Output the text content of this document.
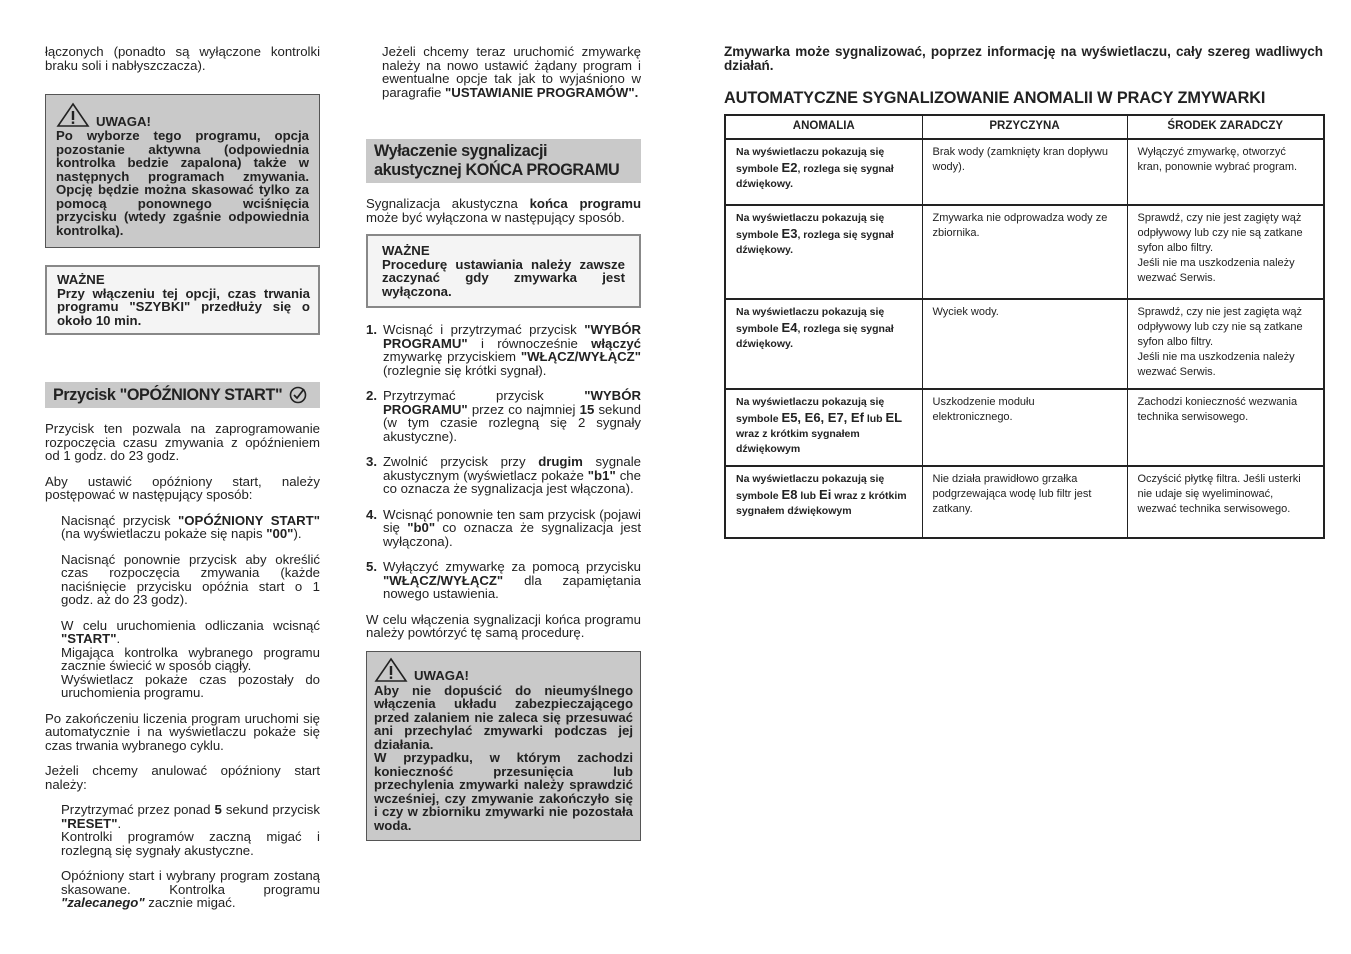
łączonych (ponadto są wyłączone kontrolki braku soli i nabłyszczacza).

UWAGA!

Po wyborze tego programu, opcja pozostanie aktywna (odpowiednia kontrolka bedzie zapalona) także w następnych programach zmywania. Opcję będzie można skasować tylko za pomocą ponownego wciśnięcia przycisku (wtedy zgaśnie odpowiednia kontrolka).

WAŻNE

Przy włączeniu tej opcji, czas trwania programu "SZYBKI" przedłuży się o około 10 min.

Przycisk "OPÓŹNIONY START"

Przycisk ten pozwala na zaprogramowanie rozpoczęcia czasu zmywania z opóźnieniem od 1 godz. do 23 godz.

Aby ustawić opóźniony start, należy postępować w następujący sposób:

Nacisnąć przycisk "OPÓŹNIONY START" (na wyświetlaczu pokaże się napis "00").

Nacisnąć ponownie przycisk aby określić czas rozpoczęcia zmywania (każde naciśnięcie przycisku opóźnia start o 1 godz. aż do 23 godz).

W celu uruchomienia odliczania wcisnąć "START".

Migająca kontrolka wybranego programu zacznie świecić w sposób ciągły.

Wyświetlacz pokaże czas pozostały do uruchomienia programu.

Po zakończeniu liczenia program uruchomi się automatycznie i na wyświetlaczu pokaże się czas trwania wybranego cyklu.

Jeżeli chcemy anulować opóźniony start należy:

Przytrzymać przez ponad 5 sekund przycisk "RESET".

Kontrolki programów zaczną migać i rozlegną się sygnały akustyczne.

Opóźniony start i wybrany program zostaną skasowane. Kontrolka programu "zalecanego" zacznie migać.

Jeżeli chcemy teraz uruchomić zmywarkę należy na nowo ustawić żądany program i ewentualne opcje tak jak to wyjaśniono w paragrafie "USTAWIANIE PROGRAMÓW".

Wyłaczenie sygnalizacji akustycznej KOŃCA PROGRAMU

Sygnalizacja akustyczna końca programu może być wyłączona w następujący sposób.

WAŻNE

Procedurę ustawiania należy zawsze zaczynać gdy zmywarka jest wyłączona.

1. Wcisnąć i przytrzymać przycisk "WYBÓR PROGRAMU" i równocześnie włączyć zmywarkę przyciskiem "WŁĄCZ/WYŁĄCZ" (rozlegnie się krótki sygnał).
2. Przytrzymać przycisk "WYBÓR PROGRAMU" przez co najmniej 15 sekund (w tym czasie rozlegną się 2 sygnały akustyczne).
3. Zwolnić przycisk przy drugim sygnale akustycznym (wyświetlacz pokaże "b1" che co oznacza że sygnalizacja jest włączona).
4. Wcisnąć ponownie ten sam przycisk (pojawi się "b0" co oznacza że sygnalizacja jest wyłączona).
5. Wyłączyć zmywarkę za pomocą przycisku "WŁĄCZ/WYŁĄCZ" dla zapamiętania nowego ustawienia.

W celu włączenia sygnalizacji końca programu należy powtórzyć tę samą procedurę.

UWAGA!

Aby nie dopuścić do nieumyślnego włączenia układu zabezpieczającego przed zalaniem nie zaleca się przesuwać ani przechylać zmywarki podczas jej działania.

W przypadku, w którym zachodzi konieczność przesunięcia lub przechylenia zmywarki należy sprawdzić wcześniej, czy zmywanie zakończyło się i czy w zbiorniku zmywarki nie pozostała woda.

Zmywarka może sygnalizować, poprzez informację na wyświetlaczu, cały szereg wadliwych działań.

AUTOMATYCZNE SYGNALIZOWANIE ANOMALII W PRACY ZMYWARKI
ANOMALIA	PRZYCZYNA	ŚRODEK ZARADCZY
Na wyświetlaczu pokazują się symbole E2, rozlega się sygnał dźwiękowy.	Brak wody (zamknięty kran dopływu wody).	Wyłączyć zmywarkę, otworzyć kran, ponownie wybrać program.
Na wyświetlaczu pokazują się symbole E3, rozlega się sygnał dźwiękowy.	Zmywarka nie odprowadza wody ze zbiornika.	Sprawdź, czy nie jest zagięty wąż odpływowy lub czy nie są zatkane syfon albo filtry.
Jeśli nie ma uszkodzenia należy wezwać Serwis.
Na wyświetlaczu pokazują się symbole E4, rozlega się sygnał dźwiękowy.	Wyciek wody.	Sprawdź, czy nie jest zagięta wąż odpływowy lub czy nie są zatkane syfon albo filtry.
Jeśli nie ma uszkodzenia należy wezwać Serwis.
Na wyświetlaczu pokazują się symbole E5, E6, E7, Ef lub EL wraz z krótkim sygnałem dźwiękowym	Uszkodzenie modułu elektronicznego.	Zachodzi konieczność wezwania technika serwisowego.
Na wyświetlaczu pokazują się symbole E8 lub Ei wraz z krótkim sygnałem dźwiękowym	Nie działa prawidłowo grzałka podgrzewająca wodę lub filtr jest zatkany.	Oczyścić płytkę filtra. Jeśli usterki nie udaje się wyeliminować, wezwać technika serwisowego.
